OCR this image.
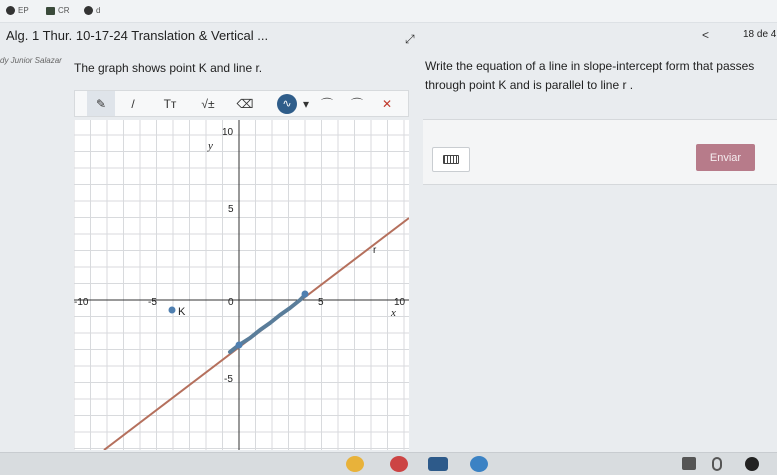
EP	CR	d
Alg. 1 Thur. 10-17-24 Translation & Vertical ...
dy Junior Salazar
⤢	<	18 de 4
The graph shows point K and line r.	Write the equation of a line in slope-intercept form that passes
through point K and is parallel to line r .
✎ / Tт √± ⌫	∿ ▾ ⌒ ⌒ ✕
K
r
y
x
10
5
-5
-10	-5	0	5	10
Enviar
